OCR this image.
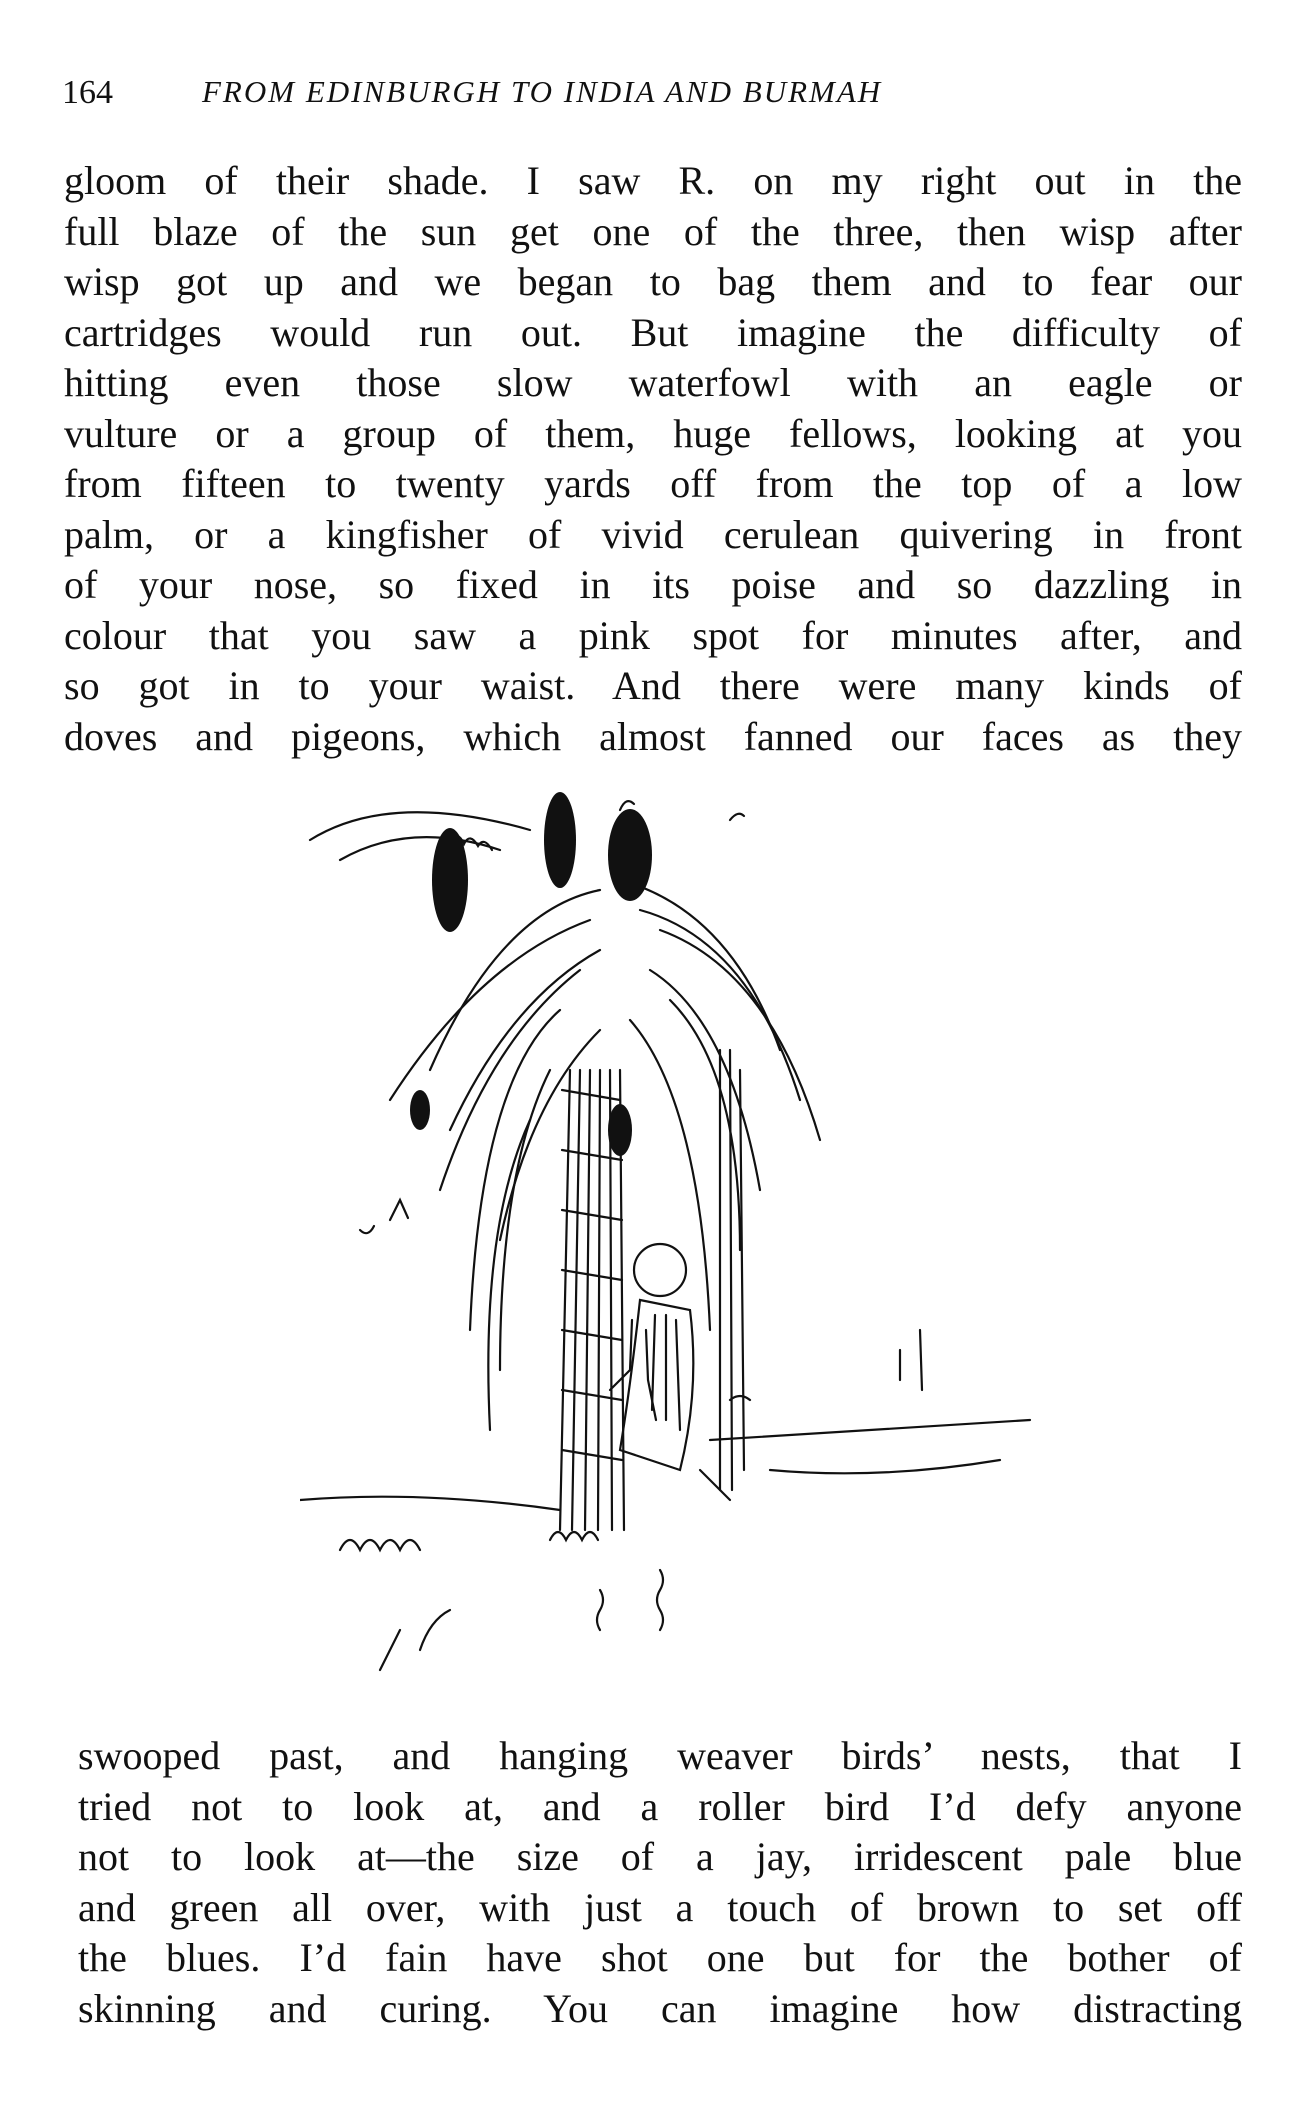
164	FROM EDINBURGH TO INDIA AND BURMAH
gloom of their shade. I saw R. on my right out in the
full blaze of the sun get one of the three, then wisp after
wisp got up and we began to bag them and to fear our
cartridges would run out. But imagine the difficulty of
hitting even those slow waterfowl with an eagle or
vulture or a group of them, huge fellows, looking at you
from fifteen to twenty yards off from the top of a low
palm, or a kingfisher of vivid cerulean quivering in front
of your nose, so fixed in its poise and so dazzling in
colour that you saw a pink spot for minutes after, and
so got in to your waist. And there were many kinds of
doves and pigeons, which almost fanned our faces as they
swooped past, and hanging weaver birds’ nests, that I
tried not to look at, and a roller bird I’d defy anyone
not to look at—the size of a jay, irridescent pale blue
and green all over, with just a touch of brown to set off
the blues. I’d fain have shot one but for the bother of
skinning and curing. You can imagine how distracting
